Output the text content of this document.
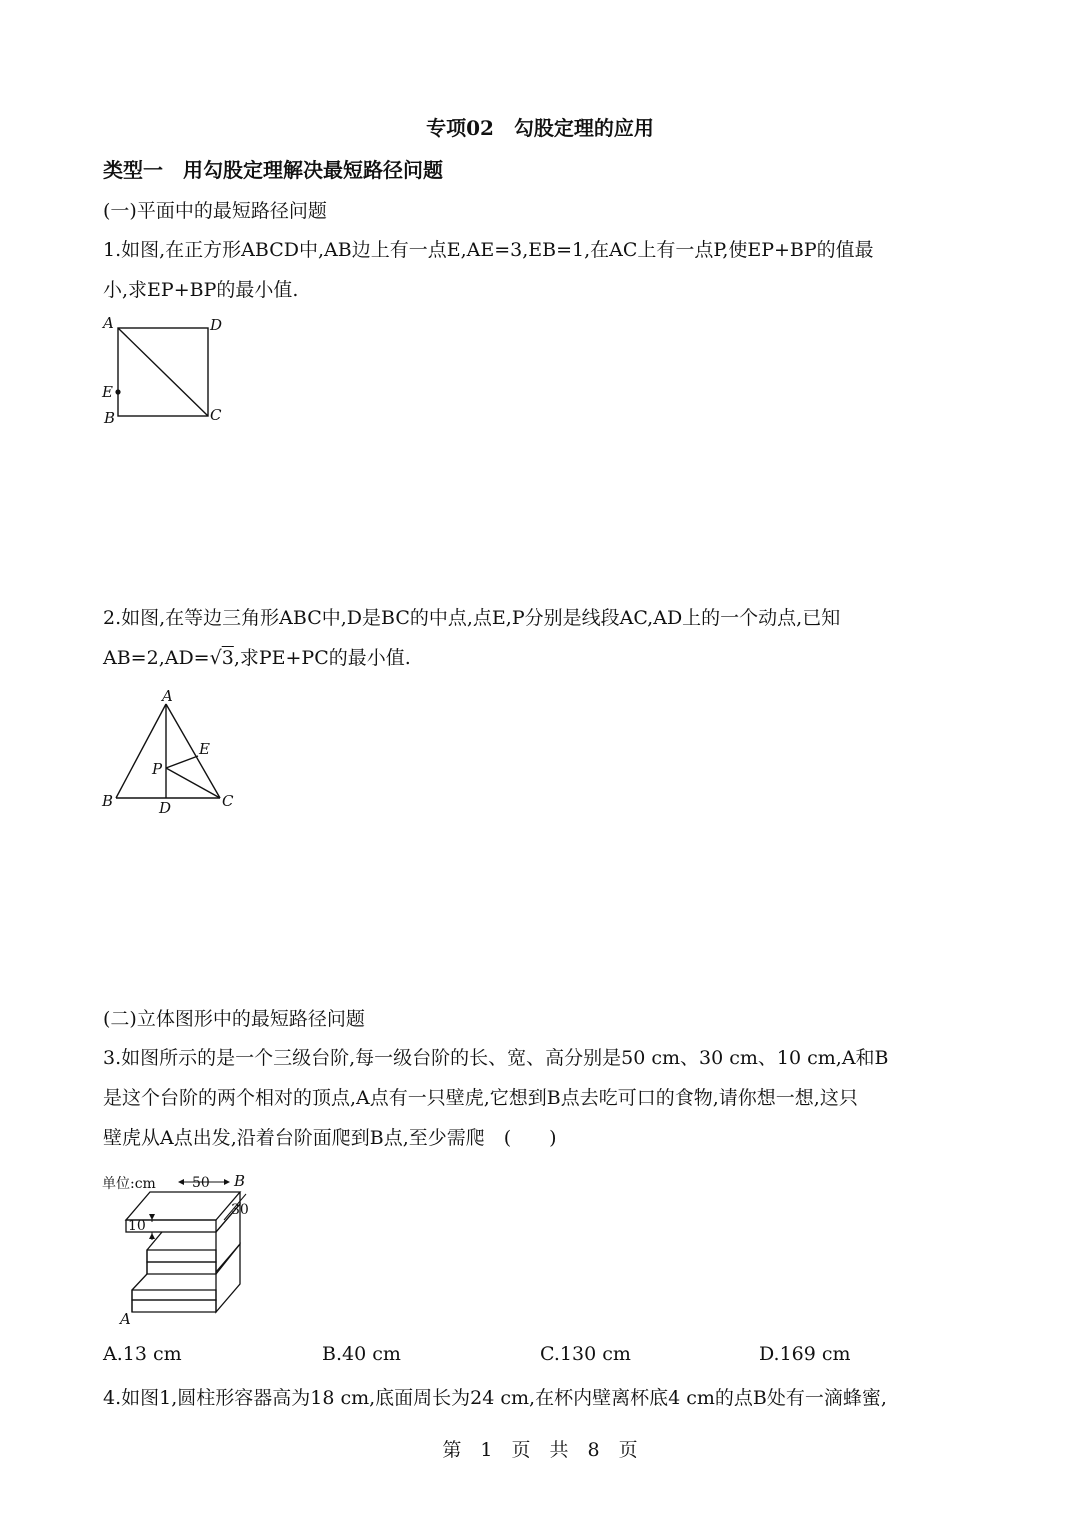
专项02　勾股定理的应用
类型一　用勾股定理解决最短路径问题
(一)平面中的最短路径问题
1.如图,在正方形ABCD中,AB边上有一点E,AE=3,EB=1,在AC上有一点P,使EP+BP的值最
小,求EP+BP的最小值.
A	D
E
B	C
2.如图,在等边三角形ABC中,D是BC的中点,点E,P分别是线段AC,AD上的一个动点,已知
AB=2,AD=√3,求PE+PC的最小值.
A
E
P
B	D	C
(二)立体图形中的最短路径问题
3.如图所示的是一个三级台阶,每一级台阶的长、宽、高分别是50 cm、30 cm、10 cm,A和B
是这个台阶的两个相对的顶点,A点有一只壁虎,它想到B点去吃可口的食物,请你想一想,这只
壁虎从A点出发,沿着台阶面爬到B点,至少需爬　(　　)
单位:cm	50
30
10
B
A
A.13 cm	B.40 cm	C.130 cm	D.169 cm
4.如图1,圆柱形容器高为18 cm,底面周长为24 cm,在杯内壁离杯底4 cm的点B处有一滴蜂蜜,
第　1　页　共　8　页
